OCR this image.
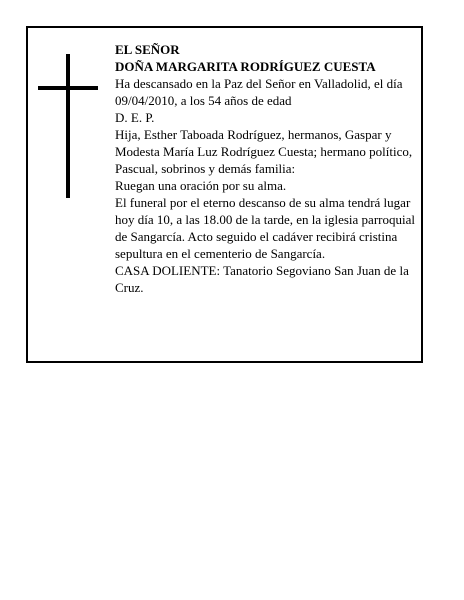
EL SEÑOR

DOÑA MARGARITA RODRÍGUEZ CUESTA

Ha descansado en la Paz del Señor en Valladolid, el día 09/04/2010, a los 54 años de edad

D. E. P.

Hija, Esther Taboada Rodríguez, hermanos, Gaspar y Modesta María Luz Rodríguez Cuesta; hermano político, Pascual, sobrinos y demás familia:

Ruegan una oración por su alma.

El funeral por el eterno descanso de su alma tendrá lugar hoy día 10, a las 18.00 de la tarde, en la iglesia parroquial de Sangarcía. Acto seguido el cadáver recibirá cristina sepultura en el cementerio de Sangarcía.

CASA DOLIENTE: Tanatorio Segoviano San Juan de la Cruz.
